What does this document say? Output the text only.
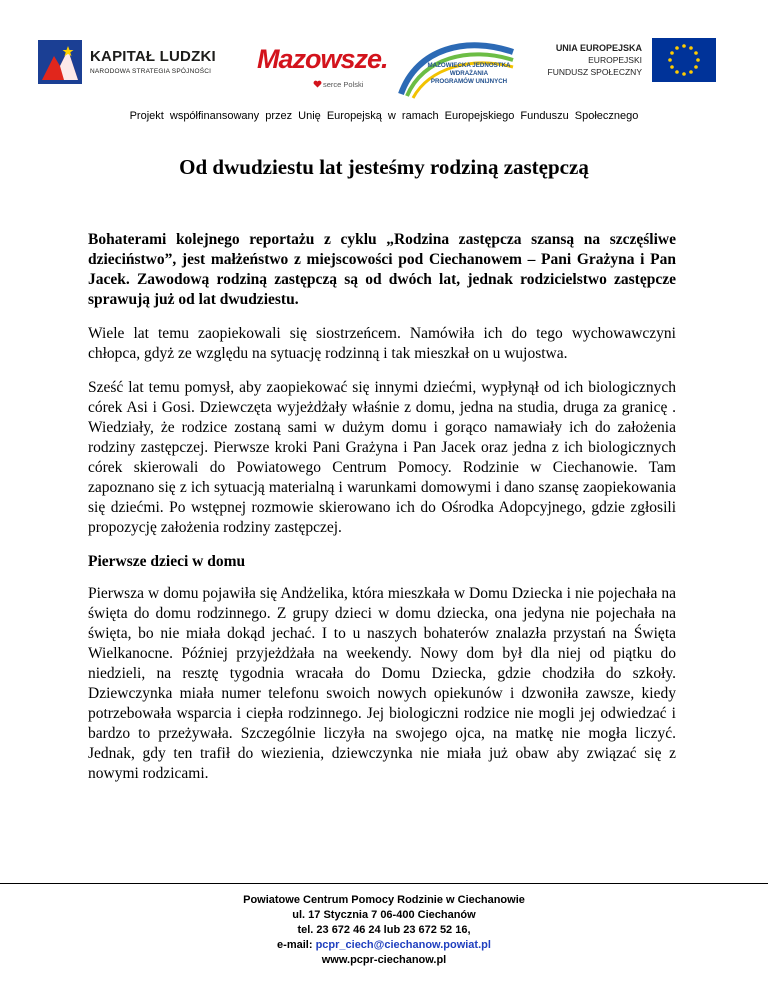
KAPITAŁ LUDZKI
NARODOWA STRATEGIA SPÓJNOŚCI Mazowsze.
serce Polski
MAZOWIECKA JEDNOSTKA
WDRAŻANIA
PROGRAMÓW UNIJNYCH
UNIA EUROPEJSKA
EUROPEJSKI
FUNDUSZ SPOŁECZNY
Projekt współfinansowany przez Unię Europejską w ramach Europejskiego Funduszu Społecznego
Od dwudziestu lat jesteśmy rodziną zastępczą

Bohaterami kolejnego reportażu z cyklu „Rodzina zastępcza szansą na szczęśliwe dzieciństwo”, jest małżeństwo z miejscowości pod Ciechanowem – Pani Grażyna i Pan Jacek. Zawodową rodziną zastępczą są od dwóch lat, jednak rodzicielstwo zastępcze sprawują już od lat dwudziestu.

Wiele lat temu zaopiekowali się siostrzeńcem. Namówiła ich do tego wychowawczyni chłopca, gdyż ze względu na sytuację rodzinną i tak mieszkał on u wujostwa.

Sześć lat temu pomysł, aby zaopiekować się innymi dziećmi, wypłynął od ich biologicznych córek Asi i Gosi. Dziewczęta wyjeżdżały właśnie z domu, jedna na studia, druga za granicę . Wiedziały, że rodzice zostaną sami w dużym domu i gorąco namawiały ich do założenia rodziny zastępczej. Pierwsze kroki Pani Grażyna i Pan Jacek oraz jedna z ich biologicznych córek skierowali do Powiatowego Centrum Pomocy. Rodzinie w Ciechanowie. Tam zapoznano się z ich sytuacją materialną i warunkami domowymi i dano szansę zaopiekowania się dziećmi. Po wstępnej rozmowie skierowano ich do Ośrodka Adopcyjnego, gdzie zgłosili propozycję założenia rodziny zastępczej.

Pierwsze dzieci w domu

Pierwsza w domu pojawiła się Andżelika, która mieszkała w Domu Dziecka i nie pojechała na święta do domu rodzinnego. Z grupy dzieci w domu dziecka, ona jedyna nie pojechała na święta, bo nie miała dokąd jechać. I to u naszych bohaterów znalazła przystań na Święta Wielkanocne. Później przyjeżdżała na weekendy. Nowy dom był dla niej od piątku do niedzieli, na resztę tygodnia wracała do Domu Dziecka, gdzie chodziła do szkoły. Dziewczynka miała numer telefonu swoich nowych opiekunów i dzwoniła zawsze, kiedy potrzebowała wsparcia i ciepła rodzinnego. Jej biologiczni rodzice nie mogli jej odwiedzać i bardzo to przeżywała. Szczególnie liczyła na swojego ojca, na matkę nie mogła liczyć. Jednak, gdy ten trafił do wiezienia, dziewczynka nie miała już obaw aby związać się z nowymi rodzicami.

Powiatowe Centrum Pomocy Rodzinie w Ciechanowie
ul. 17 Stycznia 7 06-400 Ciechanów
tel. 23 672 46 24 lub 23 672 52 16,
e-mail: pcpr_ciech@ciechanow.powiat.pl
www.pcpr-ciechanow.pl
